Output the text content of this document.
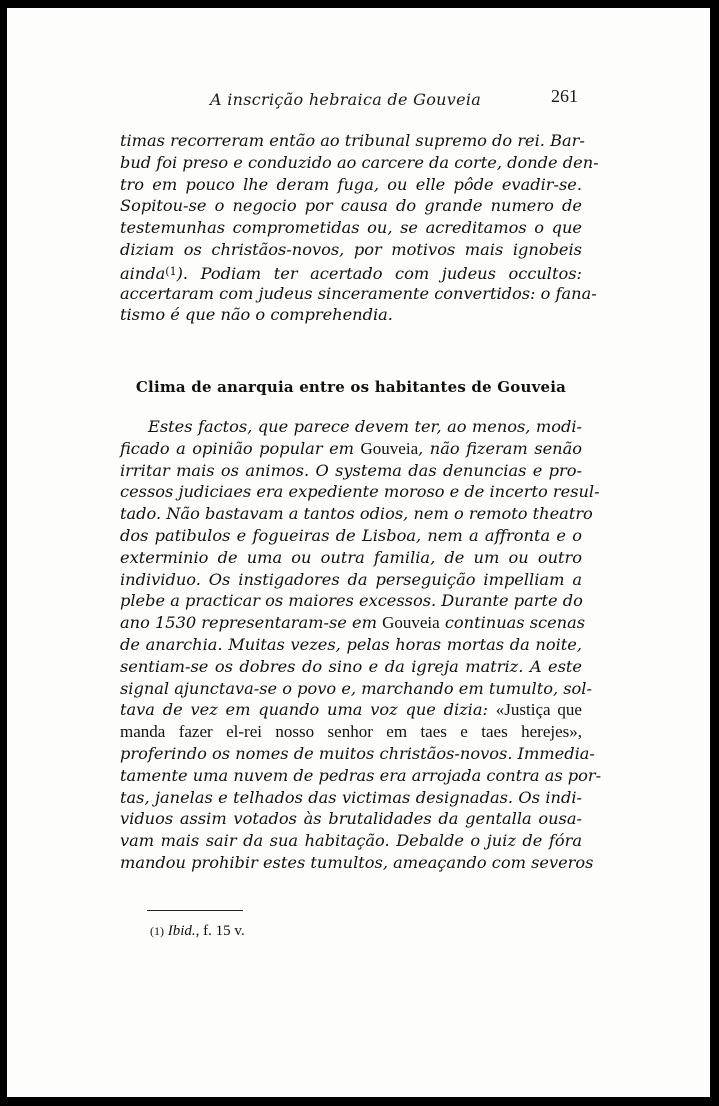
A inscrição hebraica de Gouveia	261
timas recorreram então ao tribunal supremo do rei. Bar-
bud foi preso e conduzido ao carcere da corte, donde den-
tro em pouco lhe deram fuga, ou elle pôde evadir-se.
Sopitou-se o negocio por causa do grande numero de
testemunhas comprometidas ou, se acreditamos o que
diziam os christãos-novos, por motivos mais ignobeis
ainda$^{(1}$). Podiam ter acertado com judeus occultos:
accertaram com judeus sinceramente convertidos: o fana-
tismo é que não o comprehendia.
Clima de anarquia entre os habitantes de Gouveia
Estes factos, que parece devem ter, ao menos, modi-
ficado a opinião popular em Gouveia, não fizeram senão
irritar mais os animos. O systema das denuncias e pro-
cessos judiciaes era expediente moroso e de incerto resul-
tado. Não bastavam a tantos odios, nem o remoto theatro
dos patibulos e fogueiras de Lisboa, nem a affronta e o
exterminio de uma ou outra familia, de um ou outro
individuo. Os instigadores da perseguição impelliam a
plebe a practicar os maiores excessos. Durante parte do
ano 1530 representaram-se em Gouveia continuas scenas
de anarchia. Muitas vezes, pelas horas mortas da noite,
sentiam-se os dobres do sino e da igreja matriz. A este
signal ajunctava-se o povo e, marchando em tumulto, sol-
tava de vez em quando uma voz que dizia: «Justiça que
manda fazer el-rei nosso senhor em taes e taes herejes»,
proferindo os nomes de muitos christãos-novos. Immedia-
tamente uma nuvem de pedras era arrojada contra as por-
tas, janelas e telhados das victimas designadas. Os indi-
viduos assim votados às brutalidades da gentalla ousa-
vam mais sair da sua habitação. Debalde o juiz de fóra
mandou prohibir estes tumultos, ameaçando com severos
(1) Ibid., f. 15 v.
